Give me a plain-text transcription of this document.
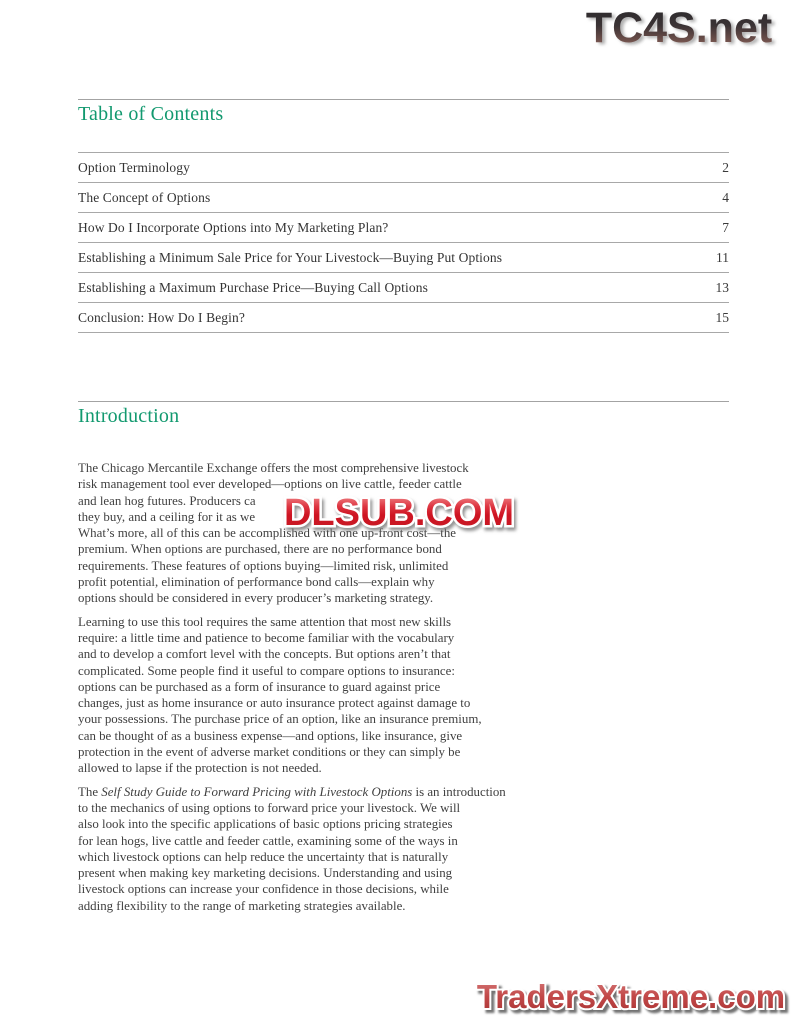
TC4S.net
Table of Contents
Option Terminology	2
The Concept of Options	4
How Do I Incorporate Options into My Marketing Plan?	7
Establishing a Minimum Sale Price for Your Livestock—Buying Put Options	11
Establishing a Maximum Purchase Price—Buying Call Options	13
Conclusion: How Do I Begin?	15
Introduction
The Chicago Mercantile Exchange offers the most comprehensive livestock
risk management tool ever developed—options on live cattle, feeder cattle
and lean hog futures. Producers ca
they buy, and a ceiling for it as we
What’s more, all of this can be accomplished with one up-front cost—the
premium. When options are purchased, there are no performance bond
requirements. These features of options buying—limited risk, unlimited
profit potential, elimination of performance bond calls—explain why
options should be considered in every producer’s marketing strategy.
Learning to use this tool requires the same attention that most new skills
require: a little time and patience to become familiar with the vocabulary
and to develop a comfort level with the concepts. But options aren’t that
complicated. Some people find it useful to compare options to insurance:
options can be purchased as a form of insurance to guard against price
changes, just as home insurance or auto insurance protect against damage to
your possessions. The purchase price of an option, like an insurance premium,
can be thought of as a business expense—and options, like insurance, give
protection in the event of adverse market conditions or they can simply be
allowed to lapse if the protection is not needed.
The Self Study Guide to Forward Pricing with Livestock Options is an introduction
to the mechanics of using options to forward price your livestock. We will
also look into the specific applications of basic options pricing strategies
for lean hogs, live cattle and feeder cattle, examining some of the ways in
which livestock options can help reduce the uncertainty that is naturally
present when making key marketing decisions. Understanding and using
livestock options can increase your confidence in those decisions, while
adding flexibility to the range of marketing strategies available.
DLSUB.COM
TradersXtreme.com
